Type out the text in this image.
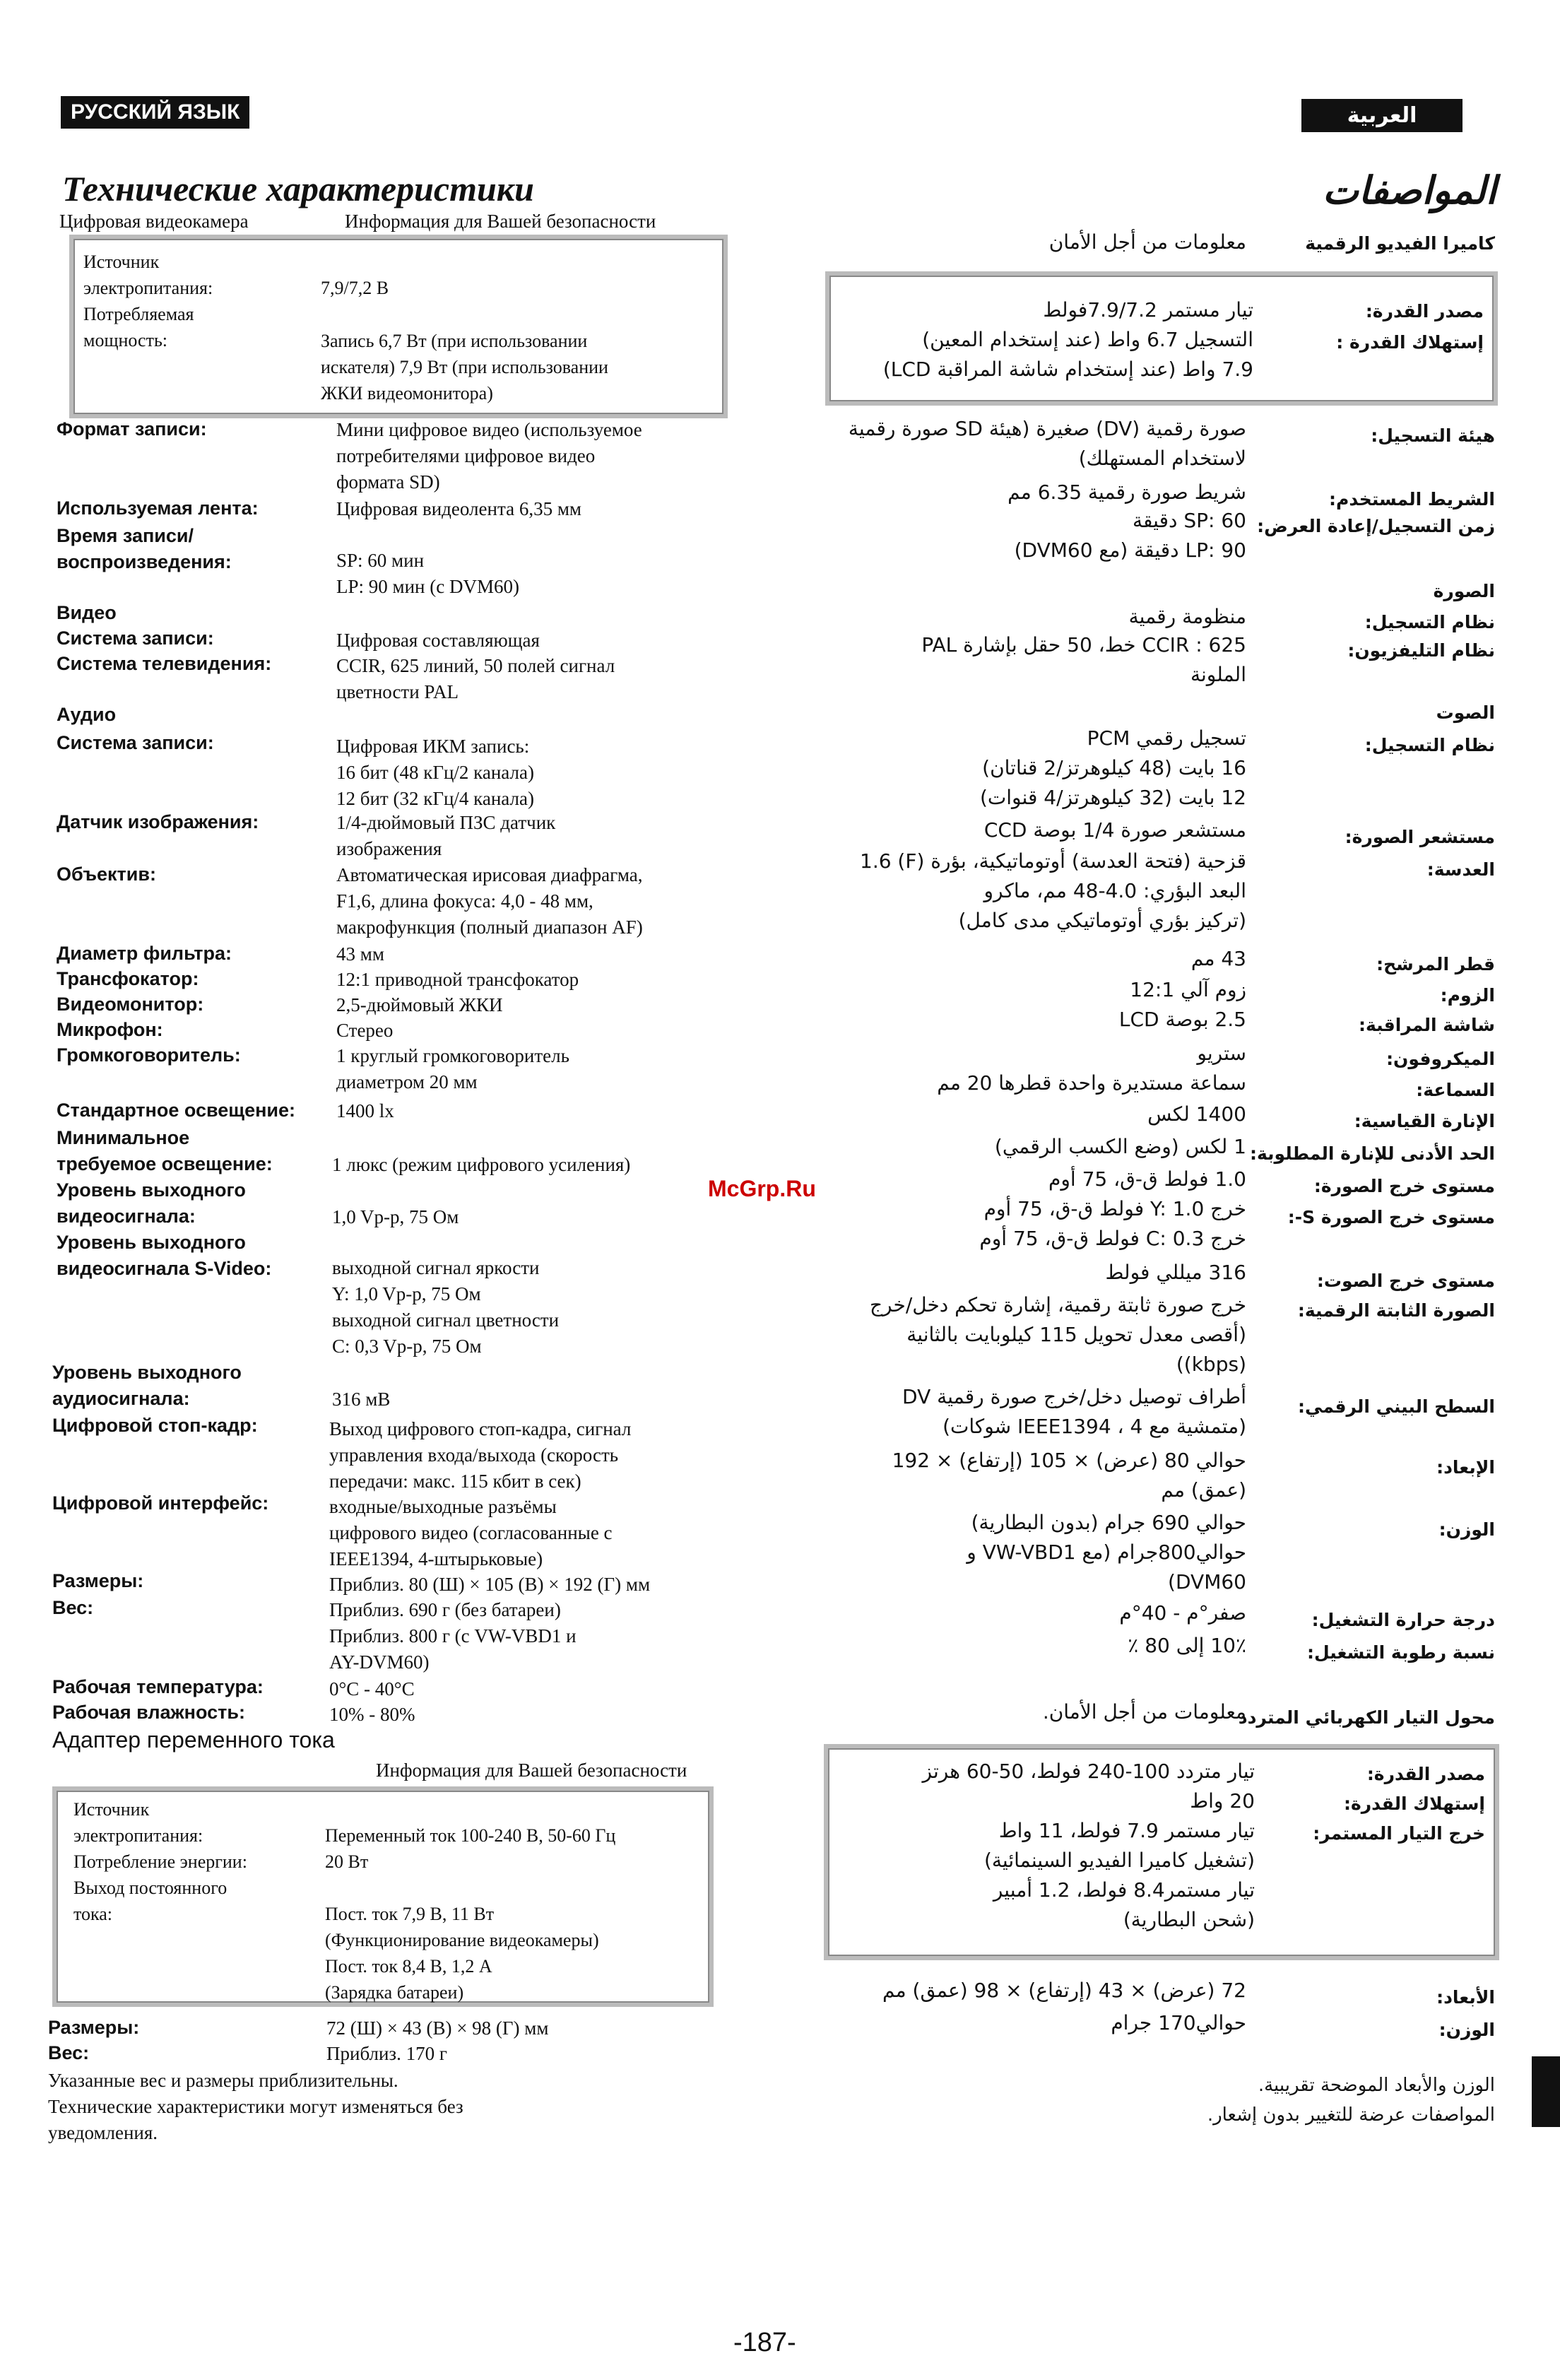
РУССКИЙ ЯЗЫК	العربية
Технические характеристики	المواصفات
Цифровая видеокамера	Информация для Вашей безопасности
Источник
электропитания:	7,9/7,2 В
Потребляемая
мощность:	Запись 6,7 Вт (при использовании
искателя) 7,9 Вт (при использовании
ЖКИ видеомонитора)
Формат записи:	Мини цифровое видео (используемое
потребителями цифровое видео
формата SD)
Используемая лента:	Цифровая видеолента 6,35 мм
Время записи/
воспроизведения:	SP: 60 мин
LP: 90 мин (с DVM60)
Видео
Система записи:	Цифровая составляющая
Система телевидения:	CCIR, 625 линий, 50 полей сигнал
цветности PAL
Аудио
Система записи:	Цифровая ИКМ запись:
16 бит (48 кГц/2 канала)
12 бит (32 кГц/4 канала)
Датчик изображения:	1/4-дюймовый ПЗС датчик
изображения
Объектив:	Автоматическая ирисовая диафрагма,
F1,6, длина фокуса: 4,0 - 48 мм,
макрофункция (полный диапазон AF)
Диаметр фильтра:	43 мм
Трансфокатор:	12:1 приводной трансфокатор
Видеомонитор:	2,5-дюймовый ЖКИ
Микрофон:	Стерео
Громкоговоритель:	1 круглый громкоговоритель
диаметром 20 мм
Стандартное освещение: 1400 lx
Минимальное
требуемое освещение:	1 люкс (режим цифрового усиления)
Уровень выходного
видеосигнала:	1,0 Vp-p, 75 Ом
Уровень выходного
видеосигнала S-Video:	выходной сигнал яркости
Y: 1,0 Vp-p, 75 Ом
выходной сигнал цветности
C: 0,3 Vp-p, 75 Ом
Уровень выходного
аудиосигнала:	316 мВ
Цифровой стоп-кадр:	Выход цифрового стоп-кадра, сигнал
управления входа/выхода (скорость
передачи: макс. 115 кбит в сек)
Цифровой интерфейс:	входные/выходные разъёмы
цифрового видео (согласованные с
IEEE1394, 4-штырьковые)
Размеры:	Приблиз. 80 (Ш) × 105 (В) × 192 (Г) мм
Вес:	Приблиз. 690 г (без батареи)
Приблиз. 800 г (с VW-VBD1 и
AY-DVM60)
Рабочая температура:	0°C - 40°C
Рабочая влажность:	10% - 80%
Адаптер переменного тока
Информация для Вашей безопасности
Источник
электропитания:	Переменный ток 100-240 В, 50-60 Гц
Потребление энергии:	20 Вт
Выход постоянного
тока:	Пост. ток 7,9 В, 11 Вт
(Функционирование видеокамеры)
Пост. ток 8,4 В, 1,2 А
(Зарядка батареи)
Размеры:	72 (Ш) × 43 (В) × 98 (Г) мм
Вес:	Приблиз. 170 г
Указанные вес и размеры приблизительны.
Технические характеристики могут изменяться без
уведомления.
كاميرا الفيديو الرقمية
معلومات من أجل الأمان
مصدر القدرة:
تيار مستمر 7.9/7.2فولط
إستهلاك القدرة :
التسجيل 6.7 واط (عند إستخدام المعين)
7.9 واط (عند إستخدام شاشة المراقبة LCD)
هيئة التسجيل:
صورة رقمية (DV) صغيرة (هيئة SD صورة رقمية
لاستخدام المستهلك)
الشريط المستخدم:
شريط صورة رقمية 6.35 مم
زمن التسجيل/إعادة العرض:
SP: 60 دقيقة
LP: 90 دقيقة (مع DVM60)
الصورة
نظام التسجيل:
منظومة رقمية
نظام التليفزيون:
CCIR : 625 خط، 50 حقل بإشارة PAL
الملونة
الصوت
نظام التسجيل:
تسجيل رقمي PCM
16 بايت (48 كيلوهرتز/2 قناتان)
12 بايت (32 كيلوهرتز/4 قنوات)
مستشعر الصورة:
مستشعر صورة 1/4 بوصة CCD
العدسة:
قزحية (فتحة العدسة) أوتوماتيكية، بؤرة (F) 1.6
البعد البؤري: 4.0-48 مم، ماكرو
(تركيز بؤري أوتوماتيكي مدى كامل)
قطر المرشح:
43 مم
الزوم:
زوم آلي 12:1
شاشة المراقبة:
2.5 بوصة LCD
الميكروفون:
ستريو
السماعة:
سماعة مستديرة واحدة قطرها 20 مم
الإنارة القياسية:
1400 لكس
الحد الأدنى للإنارة المطلوبة:
1 لكس (وضع الكسب الرقمي)
مستوى خرج الصورة:
1.0 فولط ق-ق، 75 أوم
مستوى خرج الصورة S-:
خرج Y: 1.0 فولط ق-ق، 75 أوم
خرج C: 0.3 فولط ق-ق، 75 أوم
مستوى خرج الصوت:
316 ميللي فولط
الصورة الثابتة الرقمية:
خرج صورة ثابتة رقمية، إشارة تحكم دخل/خرج
(أقصى معدل تحويل 115 كيلوبايت بالثانية
(kbps))
السطح البيني الرقمي:
أطراف توصيل دخل/خرج صورة رقمية DV
(متمشية مع IEEE1394 ، 4 شوكات)
الإبعاد:
حوالي 80 (عرض) × 105 (إرتفاع) × 192
(عمق) مم
الوزن:
حوالي 690 جرام (بدون البطارية)
حوالي800جرام (مع VW-VBD1 و
DVM60)
درجة حرارة التشغيل:
صفر°م - 40°م
نسبة رطوبة التشغيل:
10٪ إلى 80 ٪
محول التيار الكهربائي المتردد
معلومات من أجل الأمان.
مصدر القدرة:
تيار متردد 100-240 فولط، 50-60 هرتز
إستهلاك القدرة:
20 واط
خرج التيار المستمر:
تيار مستمر 7.9 فولط، 11 واط
(تشغيل كاميرا الفيديو السينمائية)
تيار مستمر8.4 فولط، 1.2 أمبير
(شحن البطارية)
الأبعاد:
72 (عرض) × 43 (إرتفاع) × 98 (عمق) مم
الوزن:
حوالي170 جرام
الوزن والأبعاد الموضحة تقريبية.
المواصفات عرضة للتغيير بدون إشعار.
McGrp.Ru
-187-
